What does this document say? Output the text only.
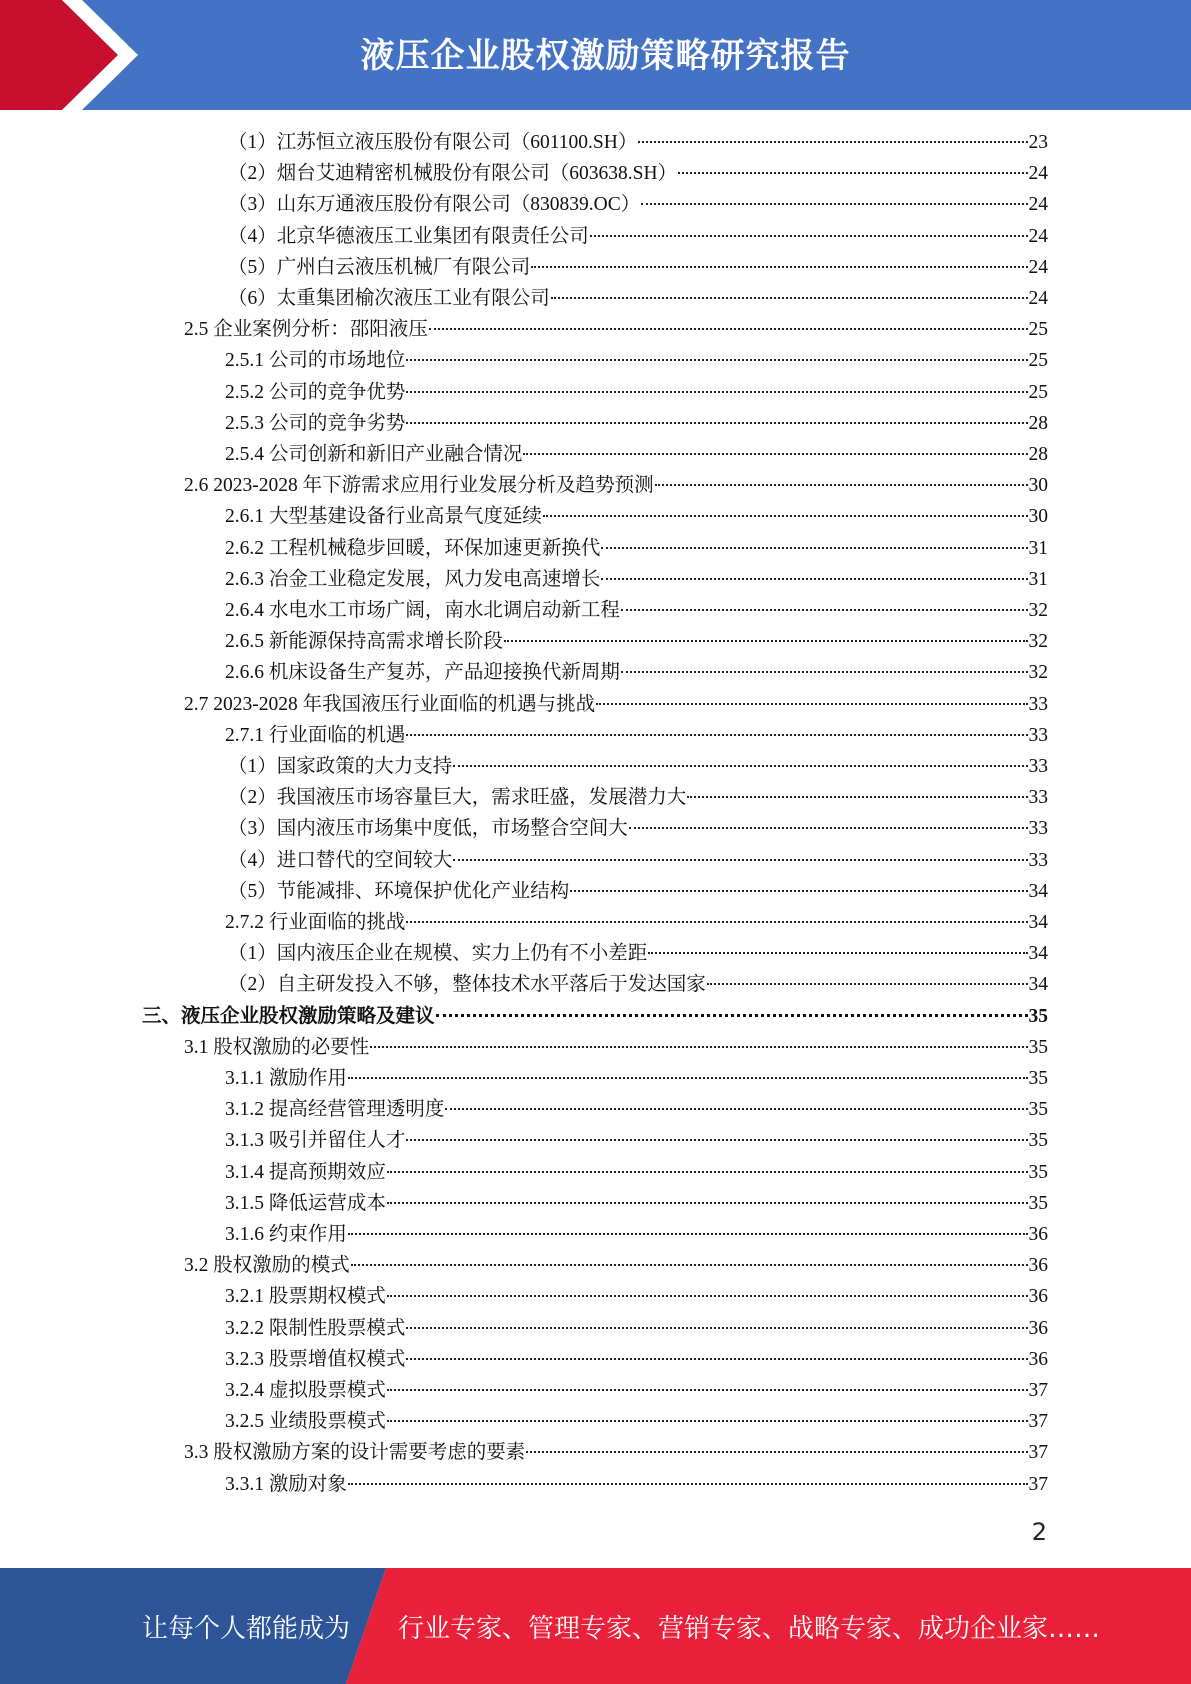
液压企业股权激励策略研究报告
（1）江苏恒立液压股份有限公司（601100.SH）	23
（2）烟台艾迪精密机械股份有限公司（603638.SH）	24
（3）山东万通液压股份有限公司（830839.OC）	24
（4）北京华德液压工业集团有限责任公司	24
（5）广州白云液压机械厂有限公司	24
（6）太重集团榆次液压工业有限公司	24
2.5 企业案例分析：邵阳液压	25
2.5.1 公司的市场地位	25
2.5.2 公司的竞争优势	25
2.5.3 公司的竞争劣势	28
2.5.4 公司创新和新旧产业融合情况	28
2.6 2023-2028 年下游需求应用行业发展分析及趋势预测	30
2.6.1 大型基建设备行业高景气度延续	30
2.6.2 工程机械稳步回暖，环保加速更新换代	31
2.6.3 冶金工业稳定发展，风力发电高速增长	31
2.6.4 水电水工市场广阔，南水北调启动新工程	32
2.6.5 新能源保持高需求增长阶段	32
2.6.6 机床设备生产复苏，产品迎接换代新周期	32
2.7 2023-2028 年我国液压行业面临的机遇与挑战	33
2.7.1 行业面临的机遇	33
（1）国家政策的大力支持	33
（2）我国液压市场容量巨大，需求旺盛，发展潜力大	33
（3）国内液压市场集中度低，市场整合空间大	33
（4）进口替代的空间较大	33
（5）节能减排、环境保护优化产业结构	34
2.7.2 行业面临的挑战	34
（1）国内液压企业在规模、实力上仍有不小差距	34
（2）自主研发投入不够，整体技术水平落后于发达国家	34
三、液压企业股权激励策略及建议	35
3.1 股权激励的必要性	35
3.1.1 激励作用	35
3.1.2 提高经营管理透明度	35
3.1.3 吸引并留住人才	35
3.1.4 提高预期效应	35
3.1.5 降低运营成本	35
3.1.6 约束作用	36
3.2 股权激励的模式	36
3.2.1 股票期权模式	36
3.2.2 限制性股票模式	36
3.2.3 股票增值权模式	36
3.2.4 虚拟股票模式	37
3.2.5 业绩股票模式	37
3.3 股权激励方案的设计需要考虑的要素	37
3.3.1 激励对象	37
2
让每个人都能成为 行业专家、管理专家、营销专家、战略专家、成功企业家……
